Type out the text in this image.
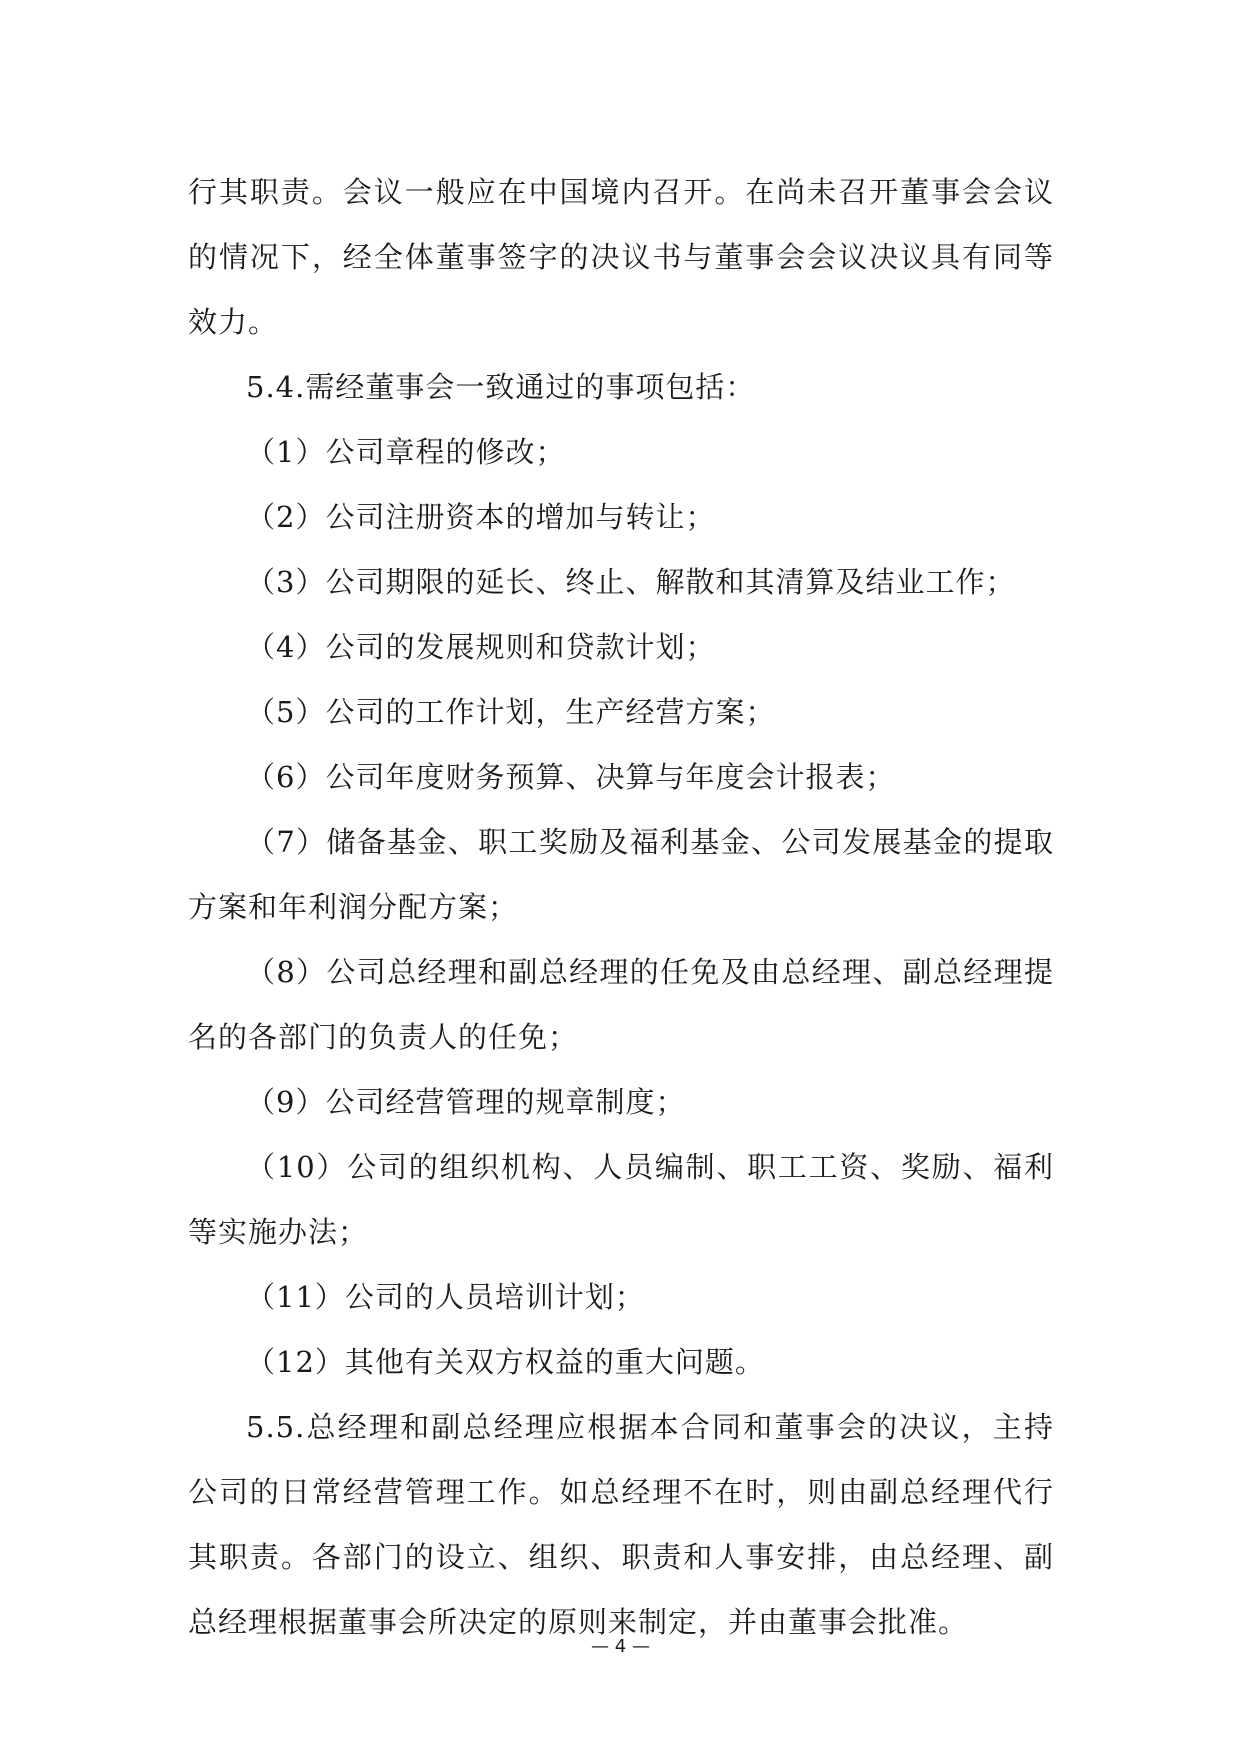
行其职责。会议一般应在中国境内召开。在尚未召开董事会会议的情况下，经全体董事签字的决议书与董事会会议决议具有同等效力。

5.4.需经董事会一致通过的事项包括：

（1）公司章程的修改；

（2）公司注册资本的增加与转让；

（3）公司期限的延长、终止、解散和其清算及结业工作；

（4）公司的发展规则和贷款计划；

（5）公司的工作计划，生产经营方案；

（6）公司年度财务预算、决算与年度会计报表；

（7）储备基金、职工奖励及福利基金、公司发展基金的提取方案和年利润分配方案；

（8）公司总经理和副总经理的任免及由总经理、副总经理提名的各部门的负责人的任免；

（9）公司经营管理的规章制度；

（10）公司的组织机构、人员编制、职工工资、奖励、福利等实施办法；

（11）公司的人员培训计划；

（12）其他有关双方权益的重大问题。

5.5.总经理和副总经理应根据本合同和董事会的决议，主持公司的日常经营管理工作。如总经理不在时，则由副总经理代行其职责。各部门的设立、组织、职责和人事安排，由总经理、副总经理根据董事会所决定的原则来制定，并由董事会批准。

— 4 —
